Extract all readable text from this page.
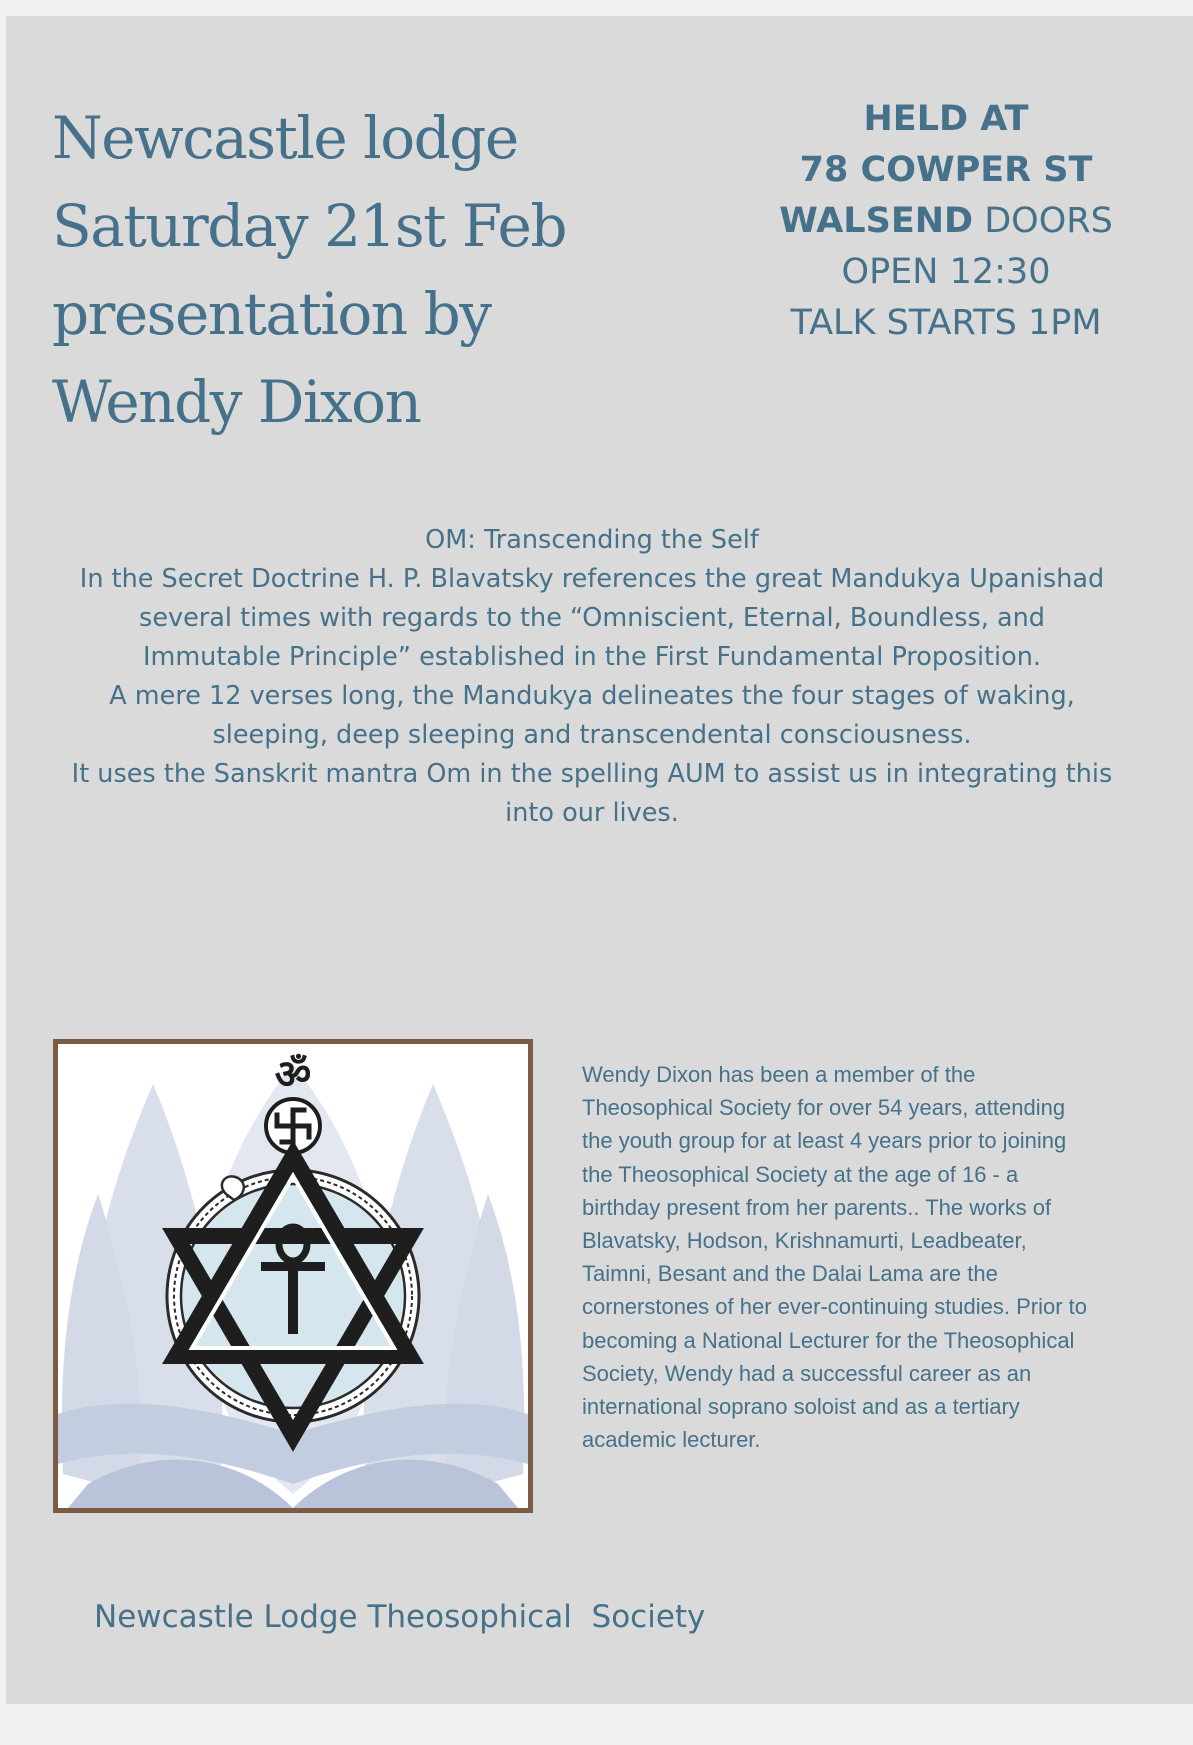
Newcastle lodge
Saturday 21st Feb
presentation by
Wendy Dixon
HELD AT
78 COWPER ST
WALSEND DOORS
OPEN 12:30
TALK STARTS 1PM
OM: Transcending the Self
In the Secret Doctrine H. P. Blavatsky references the great Mandukya Upanishad
several times with regards to the “Omniscient, Eternal, Boundless, and
Immutable Principle” established in the First Fundamental Proposition.
A mere 12 verses long, the Mandukya delineates the four stages of waking,
sleeping, deep sleeping and transcendental consciousness.
It uses the Sanskrit mantra Om in the spelling AUM to assist us in integrating this
into our lives.
ॐ	Wendy Dixon has been a member of the
Theosophical Society for over 54 years, attending
the youth group for at least 4 years prior to joining
the Theosophical Society at the age of 16 - a
birthday present from her parents.. The works of
Blavatsky, Hodson, Krishnamurti, Leadbeater,
Taimni, Besant and the Dalai Lama are the
cornerstones of her ever-continuing studies. Prior to
becoming a National Lecturer for the Theosophical
Society, Wendy had a successful career as an
international soprano soloist and as a tertiary
academic lecturer.
Newcastle Lodge Theosophical  Society
